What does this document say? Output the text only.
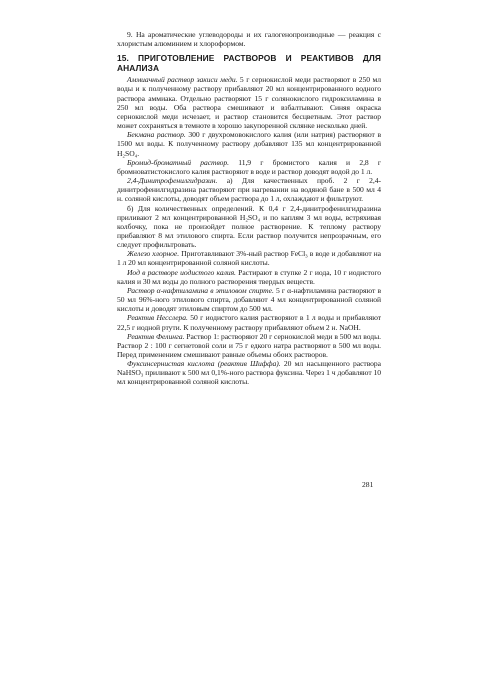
9. На ароматические углеводороды и их галогенопроизводные — реакция с хлористым алюминием и хлороформом.

15. ПРИГОТОВЛЕНИЕ РАСТВОРОВ И РЕАКТИВОВ ДЛЯ АНАЛИЗА

Аммиачный раствор закиси меди. 5 г сернокислой меди растворяют в 250 мл воды и к полученному раствору прибавляют 20 мл концентрированного водного раствора аммиака. Отдельно растворяют 15 г солянокислого гидроксиламина в 250 мл воды. Оба раствора смешивают и взбалтывают. Синяя окраска сернокислой меди исчезает, и раствор становится бесцветным. Этот раствор может сохраняться в темноте в хорошо закупоренной склянке несколько дней.

Бекмана раствор. 300 г двухромовокислого калия (или натрия) растворяют в 1500 мл воды. К полученному раствору добавляют 135 мл концентрированной H₂SO₄.

Бромид-броматный раствор. 11,9 г бромистого калия и 2,8 г бромноватистокислого калия растворяют в воде и раствор доводят водой до 1 л.

2,4-Динитрофенилгидразин. а) Для качественных проб. 2 г 2,4-динитрофенилгидразина растворяют при нагревании на водяной бане в 500 мл 4 н. соляной кислоты, доводят объем раствора до 1 л, охлаждают и фильтруют.

б) Для количественных определений. К 0,4 г 2,4-динитрофенилгидразина приливают 2 мл концентрированной H₂SO₄ и по каплям 3 мл воды, встряхивая колбочку, пока не произойдет полное растворение. К теплому раствору прибавляют 8 мл этилового спирта. Если раствор получится непрозрачным, его следует профильтровать.

Железо хлорное. Приготавливают 3%-ный раствор FeCl₃ в воде и добавляют на 1 л 20 мл концентрированной соляной кислоты.

Иод в растворе иодистого калия. Растирают в ступке 2 г иода, 10 г иодистого калия и 30 мл воды до полного растворения твердых веществ.

Раствор α-нафтиламина в этиловом спирте. 5 г α-нафтиламина растворяют в 50 мл 96%-ного этилового спирта, добавляют 4 мл концентрированной соляной кислоты и доводят этиловым спиртом до 500 мл.

Реактив Несслера. 50 г иодистого калия растворяют в 1 л воды и прибавляют 22,5 г иодной ртути. К полученному раствору прибавляют объем 2 н. NaOH.

Реактив Фелинга. Раствор 1: растворяют 20 г сернокислой меди в 500 мл воды. Раствор 2 : 100 г сегнетовой соли и 75 г едкого натра растворяют в 500 мл воды. Перед применением смешивают равные объемы обоих растворов.

Фуксинсернистая кислота (реактив Шиффа). 20 мл насыщенного раствора NaHSO₃ приливают к 500 мл 0,1%-ного раствора фуксина. Через 1 ч добавляют 10 мл концентрированной соляной кислоты.

281
